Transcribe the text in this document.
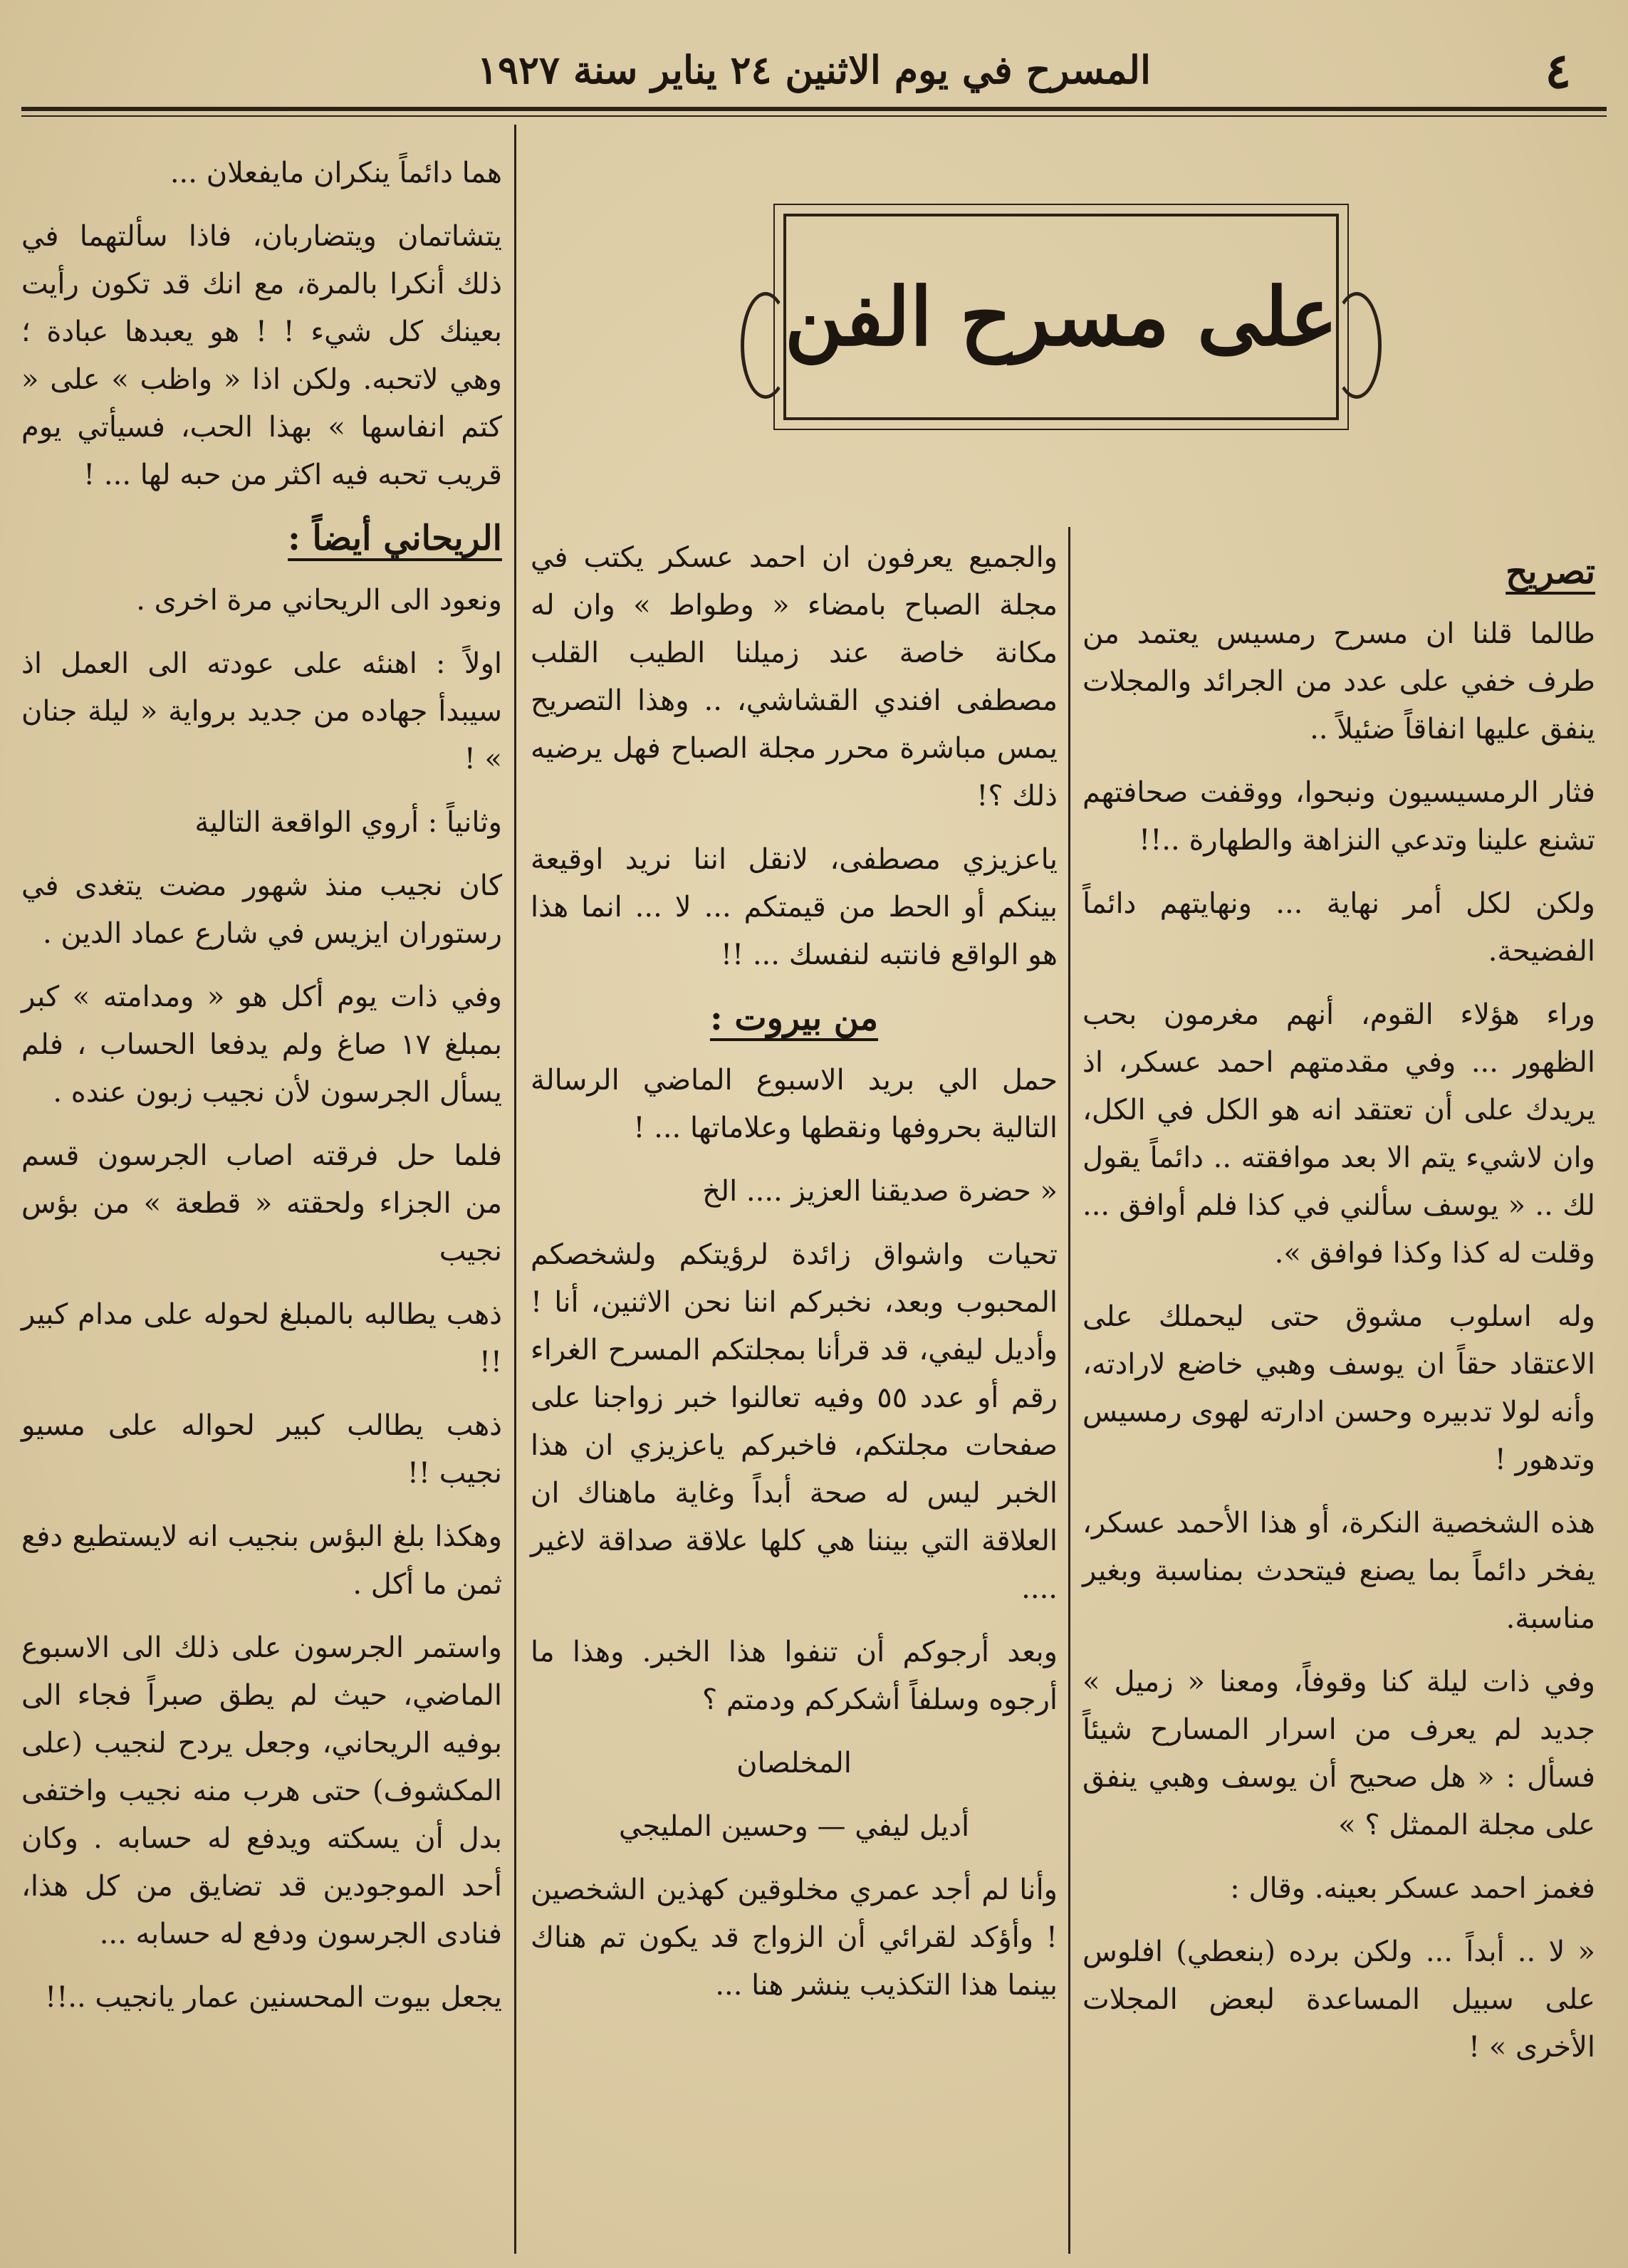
٤
المسرح في يوم الاثنين ٢٤ يناير سنة ١٩٢٧
على مسرح الفن
تصريح

طالما قلنا ان مسرح رمسيس يعتمد من طرف خفي على عدد من الجرائد والمجلات ينفق عليها انفاقاً ضئيلاً ..

فثار الرمسيسيون ونبحوا، ووقفت صحافتهم تشنع علينا وتدعي النزاهة والطهارة ..!!

ولكن لكل أمر نهاية ... ونهايتهم دائماً الفضيحة.

وراء هؤلاء القوم، أنهم مغرمون بحب الظهور ... وفي مقدمتهم احمد عسكر، اذ يريدك على أن تعتقد انه هو الكل في الكل، وان لاشيء يتم الا بعد موافقته .. دائماً يقول لك .. « يوسف سألني في كذا فلم أوافق ... وقلت له كذا وكذا فوافق ».

وله اسلوب مشوق حتى ليحملك على الاعتقاد حقاً ان يوسف وهبي خاضع لارادته، وأنه لولا تدبيره وحسن ادارته لهوى رمسيس وتدهور !

هذه الشخصية النكرة، أو هذا الأحمد عسكر، يفخر دائماً بما يصنع فيتحدث بمناسبة وبغير مناسبة.

وفي ذات ليلة كنا وقوفاً، ومعنا « زميل » جديد لم يعرف من اسرار المسارح شيئاً فسأل : « هل صحيح أن يوسف وهبي ينفق على مجلة الممثل ؟ »

فغمز احمد عسكر بعينه. وقال :

« لا .. أبداً ... ولكن برده (بنعطي) افلوس على سبيل المساعدة لبعض المجلات الأخرى » !

والجميع يعرفون ان احمد عسكر يكتب في مجلة الصباح بامضاء « وطواط » وان له مكانة خاصة عند زميلنا الطيب القلب مصطفى افندي القشاشي، .. وهذا التصريح يمس مباشرة محرر مجلة الصباح فهل يرضيه ذلك ؟!

ياعزيزي مصطفى، لانقل اننا نريد اوقيعة بينكم أو الحط من قيمتكم ... لا ... انما هذا هو الواقع فانتبه لنفسك ... !!

من بيروت :

حمل الي بريد الاسبوع الماضي الرسالة التالية بحروفها ونقطها وعلاماتها ... !

« حضرة صديقنا العزيز .... الخ

تحيات واشواق زائدة لرؤيتكم ولشخصكم المحبوب وبعد، نخبركم اننا نحن الاثنين، أنا ! وأديل ليفي، قد قرأنا بمجلتكم المسرح الغراء رقم أو عدد ٥٥ وفيه تعالنوا خبر زواجنا على صفحات مجلتكم، فاخبركم ياعزيزي ان هذا الخبر ليس له صحة أبداً وغاية ماهناك ان العلاقة التي بيننا هي كلها علاقة صداقة لاغير ....

وبعد أرجوكم أن تنفوا هذا الخبر. وهذا ما أرجوه وسلفاً أشكركم ودمتم ؟

المخلصان

أديل ليفي — وحسين المليجي

وأنا لم أجد عمري مخلوقين كهذين الشخصين ! وأؤكد لقرائي أن الزواج قد يكون تم هناك بينما هذا التكذيب ينشر هنا ...

هما دائماً ينكران مايفعلان ...

يتشاتمان ويتضاربان، فاذا سألتهما في ذلك أنكرا بالمرة، مع انك قد تكون رأيت بعينك كل شيء ! ! هو يعبدها عبادة ؛ وهي لاتحبه. ولكن اذا « واظب » على « كتم انفاسها » بهذا الحب، فسيأتي يوم قريب تحبه فيه اكثر من حبه لها ... !

الريحاني أيضاً :

ونعود الى الريحاني مرة اخرى .

اولاً : اهنئه على عودته الى العمل اذ سيبدأ جهاده من جديد برواية « ليلة جنان » !

وثانياً : أروي الواقعة التالية

كان نجيب منذ شهور مضت يتغدى في رستوران ايزيس في شارع عماد الدين .

وفي ذات يوم أكل هو « ومدامته » كبر بمبلغ ١٧ صاغ ولم يدفعا الحساب ، فلم يسأل الجرسون لأن نجيب زبون عنده .

فلما حل فرقته اصاب الجرسون قسم من الجزاء ولحقته « قطعة » من بؤس نجيب

ذهب يطالبه بالمبلغ لحوله على مدام كبير !!

ذهب يطالب كبير لحواله على مسيو نجيب !!

وهكذا بلغ البؤس بنجيب انه لايستطيع دفع ثمن ما أكل .

واستمر الجرسون على ذلك الى الاسبوع الماضي، حيث لم يطق صبراً فجاء الى بوفيه الريحاني، وجعل يردح لنجيب (على المكشوف) حتى هرب منه نجيب واختفى بدل أن يسكته ويدفع له حسابه . وكان أحد الموجودين قد تضايق من كل هذا، فنادى الجرسون ودفع له حسابه ...

يجعل بيوت المحسنين عمار يانجيب ..!!
